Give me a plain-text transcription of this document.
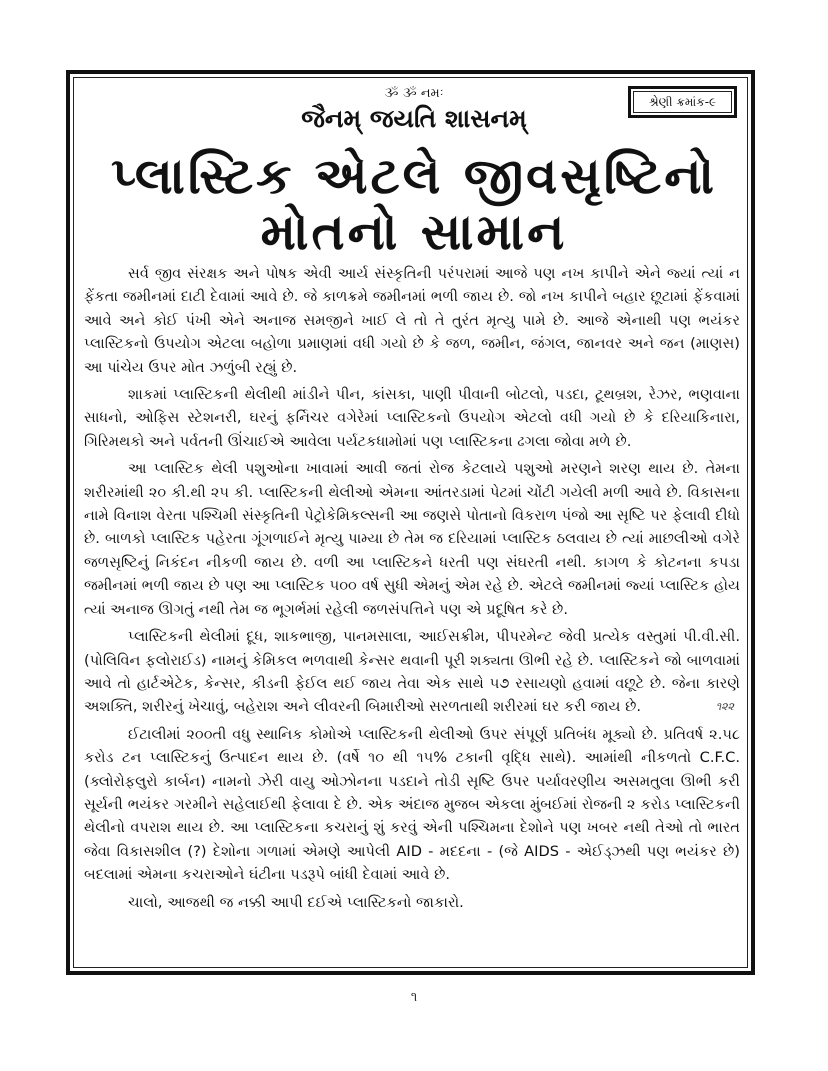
શ્રેણી ક્રમાંક-૯
ૐ ૐ નમઃ
જૈનમ્ જયતિ શાસનમ્
પ્લાસ્ટિક એટલે જીવસૃષ્ટિનો
મોતનો સામાન

સર્વ જીવ સંરક્ષક અને પોષક એવી આર્ય સંસ્કૃતિની પરંપરામાં આજે પણ નખ કાપીને એને જ્યાં ત્યાં ન ફેંકતા જમીનમાં દાટી દેવામાં આવે છે. જે કાળક્રમે જમીનમાં ભળી જાય છે. જો નખ કાપીને બહાર છૂટામાં ફેંકવામાં આવે અને કોઈ પંખી એને અનાજ સમજીને ખાઈ લે તો તે તુરંત મૃત્યુ પામે છે. આજે એનાથી પણ ભયંકર પ્લાસ્ટિકનો ઉપયોગ એટલા બહોળા પ્રમાણમાં વધી ગયો છે કે જળ, જમીન, જંગલ, જાનવર અને જન (માણસ) આ પાંચેય ઉપર મોત ઝળુંબી રહ્યું છે.

શાકમાં પ્લાસ્ટિકની થેલીથી માંડીને પીન, કાંસકા, પાણી પીવાની બોટલો, પડદા, ટૂથબ્રશ, રેઝર, ભણવાના સાધનો, ઓફિસ સ્ટેશનરી, ઘરનું ફર્નિચર વગેરેમાં પ્લાસ્ટિકનો ઉપયોગ એટલો વધી ગયો છે કે દરિયાકિનારા, ગિરિમથકો અને પર્વતની ઊંચાઈએ આવેલા પર્યટકધામોમાં પણ પ્લાસ્ટિકના ઢગલા જોવા મળે છે.

આ પ્લાસ્ટિક થેલી પશુઓના ખાવામાં આવી જતાં રોજ કેટલાયે પશુઓ મરણને શરણ થાય છે. તેમના શરીરમાંથી ૨૦ કી.થી ૨૫ કી. પ્લાસ્ટિકની થેલીઓ એમના આંતરડામાં પેટમાં ચોંટી ગયેલી મળી આવે છે. વિકાસના નામે વિનાશ વેરતા પશ્ચિમી સંસ્કૃતિની પેટ્રોકેમિકલ્સની આ જણસે પોતાનો વિકરાળ પંજો આ સૃષ્ટિ પર ફેલાવી દીધો છે. બાળકો પ્લાસ્ટિક પહેરતા ગૂંગળાઈને મૃત્યુ પામ્યા છે તેમ જ દરિયામાં પ્લાસ્ટિક ઠલવાય છે ત્યાં માછલીઓ વગેરે જળસૃષ્ટિનું નિકંદન નીકળી જાય છે. વળી આ પ્લાસ્ટિકને ધરતી પણ સંઘરતી નથી. કાગળ કે કોટનના કપડા જમીનમાં ભળી જાય છે પણ આ પ્લાસ્ટિક ૫૦૦ વર્ષ સુધી એમનું એમ રહે છે. એટલે જમીનમાં જ્યાં પ્લાસ્ટિક હોય ત્યાં અનાજ ઊગતું નથી તેમ જ ભૂગર્ભમાં રહેલી જળસંપત્તિને પણ એ પ્રદૂષિત કરે છે.

પ્લાસ્ટિકની થેલીમાં દૂધ, શાકભાજી, પાનમસાલા, આઈસક્રીમ, પીપરમેન્ટ જેવી પ્રત્યેક વસ્તુમાં પી.વી.સી. (પોલિવિન ફલોરાઈડ) નામનું કેમિકલ ભળવાથી કેન્સર થવાની પૂરી શક્યતા ઊભી રહે છે. પ્લાસ્ટિકને જો બાળવામાં આવે તો હાર્ટએટેક, કેન્સર, કીડની ફેઈલ થઈ જાય તેવા એક સાથે ૫૭ રસાયણો હવામાં વછૂટે છે. જેના કારણે અશક્તિ, શરીરનું ખેચાવું, બહેરાશ અને લીવરની બિમારીઓ સરળતાથી શરીરમાં ઘર કરી જાય છે.	૧૨૨

ઈટાલીમાં ૨૦૦તી વધુ સ્થાનિક કોમોએ પ્લાસ્ટિકની થેલીઓ ઉપર સંપૂર્ણ પ્રતિબંધ મૂક્યો છે. પ્રતિવર્ષ ૨.૫૮ કરોડ ટન પ્લાસ્ટિકનું ઉત્પાદન થાય છે. (વર્ષે ૧૦ થી ૧૫% ટકાની વૃદ્ધિ સાથે). આમાંથી નીકળતો C.F.C. (ક્લોરોફલુરો કાર્બન) નામનો ઝેરી વાયુ ઓઝોનના પડદાને તોડી સૃષ્ટિ ઉપર પર્યાવરણીય અસમતુલા ઊભી કરી સૂર્યની ભયંકર ગરમીને સહેલાઈથી ફેલાવા દે છે. એક અંદાજ મુજબ એકલા મુંબઈમાં રોજની ૨ કરોડ પ્લાસ્ટિકની થેલીનો વપરાશ થાય છે. આ પ્લાસ્ટિકના કચરાનું શું કરવું એની પશ્ચિમના દેશોને પણ ખબર નથી તેઓ તો ભારત જેવા વિકાસશીલ (?) દેશોના ગળામાં એમણે આપેલી AID - મદદના - (જે AIDS - એઈડ્ઝથી પણ ભયંકર છે) બદલામાં એમના કચરાઓને ઘંટીના પડરૂપે બાંધી દેવામાં આવે છે.

ચાલો, આજથી જ નક્કી આપી દઈએ પ્લાસ્ટિકનો જાકારો.

૧
